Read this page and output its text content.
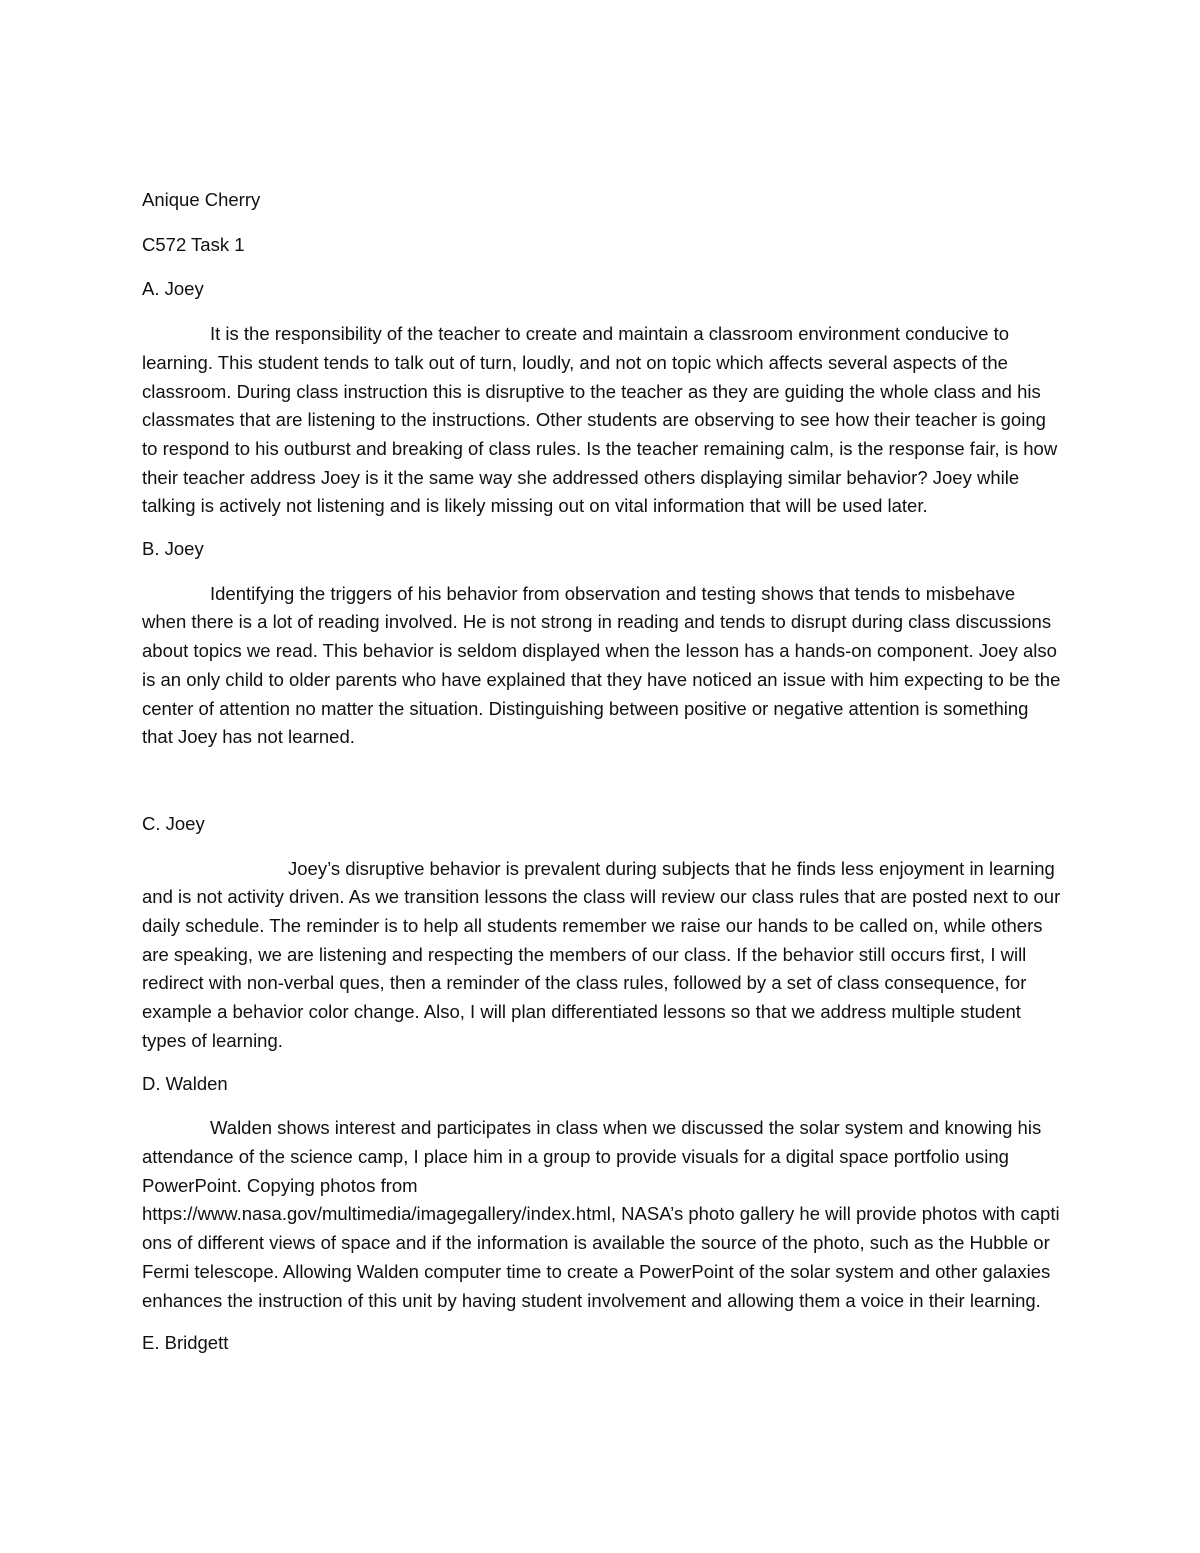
Anique Cherry

C572 Task 1

A. Joey

It is the responsibility of the teacher to create and maintain a classroom environment conducive to learning. This student tends to talk out of turn, loudly, and not on topic which affects several aspects of the classroom. During class instruction this is disruptive to the teacher as they are guiding the whole class and his classmates that are listening to the instructions. Other students are observing to see how their teacher is going to respond to his outburst and breaking of class rules. Is the teacher remaining calm, is the response fair, is how their teacher address Joey is it the same way she addressed others displaying similar behavior? Joey while talking is actively not listening and is likely missing out on vital information that will be used later.

B. Joey

Identifying the triggers of his behavior from observation and testing shows that tends to misbehave when there is a lot of reading involved. He is not strong in reading and tends to disrupt during class discussions about topics we read. This behavior is seldom displayed when the lesson has a hands-on component. Joey also is an only child to older parents who have explained that they have noticed an issue with him expecting to be the center of attention no matter the situation. Distinguishing between positive or negative attention is something that Joey has not learned.

C. Joey

Joey’s disruptive behavior is prevalent during subjects that he finds less enjoyment in learning and is not activity driven. As we transition lessons the class will review our class rules that are posted next to our daily schedule. The reminder is to help all students remember we raise our hands to be called on, while others are speaking, we are listening and respecting the members of our class. If the behavior still occurs first, I will redirect with non-verbal ques, then a reminder of the class rules, followed by a set of class consequence, for example a behavior color change. Also, I will plan differentiated lessons so that we address multiple student types of learning.

D. Walden

Walden shows interest and participates in class when we discussed the solar system and knowing his attendance of the science camp, I place him in a group to provide visuals for a digital space portfolio using PowerPoint. Copying photos from

https://www.nasa.gov/multimedia/imagegallery/index.html, NASA’s photo gallery he will provide photos with captions of different views of space and if the information is available the source of the photo, such as the Hubble or Fermi telescope. Allowing Walden computer time to create a PowerPoint of the solar system and other galaxies enhances the instruction of this unit by having student involvement and allowing them a voice in their learning.

E. Bridgett
